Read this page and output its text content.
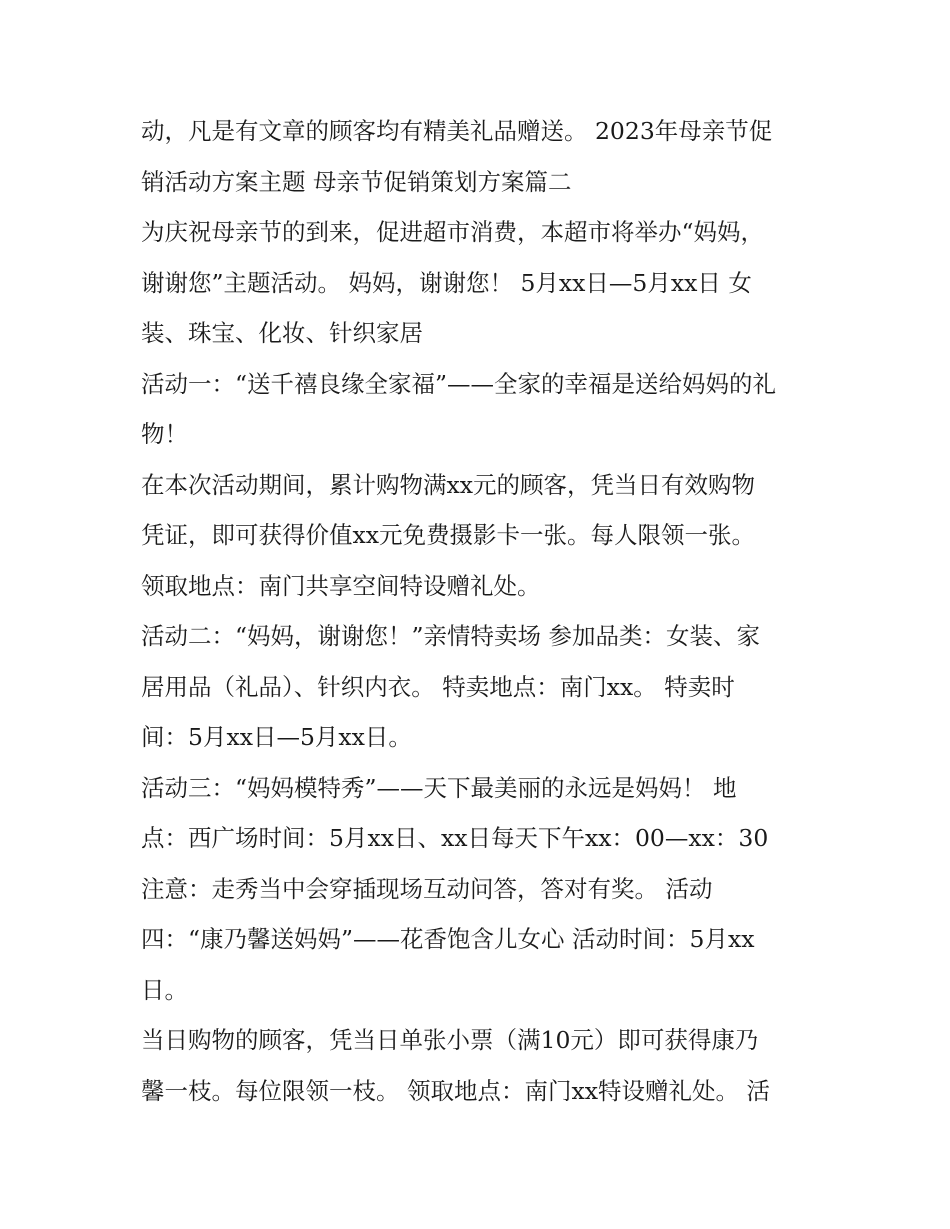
动，凡是有文章的顾客均有精美礼品赠送。 2023年母亲节促
销活动方案主题 母亲节促销策划方案篇二
为庆祝母亲节的到来，促进超市消费，本超市将举办“妈妈，
谢谢您”主题活动。 妈妈，谢谢您！ 5月xx日—5月xx日 女
装、珠宝、化妆、针织家居
活动一：“送千禧良缘全家福”——全家的幸福是送给妈妈的礼
物！
在本次活动期间，累计购物满xx元的顾客，凭当日有效购物
凭证，即可获得价值xx元免费摄影卡一张。每人限领一张。
领取地点：南门共享空间特设赠礼处。
活动二：“妈妈，谢谢您！”亲情特卖场 参加品类：女装、家
居用品（礼品）、针织内衣。 特卖地点：南门xx。 特卖时
间：5月xx日—5月xx日。
活动三：“妈妈模特秀”——天下最美丽的永远是妈妈！ 地
点：西广场时间：5月xx日、xx日每天下午xx：00—xx：30
注意：走秀当中会穿插现场互动问答，答对有奖。 活动
四：“康乃馨送妈妈”——花香饱含儿女心 活动时间：5月xx
日。
当日购物的顾客，凭当日单张小票（满10元）即可获得康乃
馨一枝。每位限领一枝。 领取地点：南门xx特设赠礼处。 活
